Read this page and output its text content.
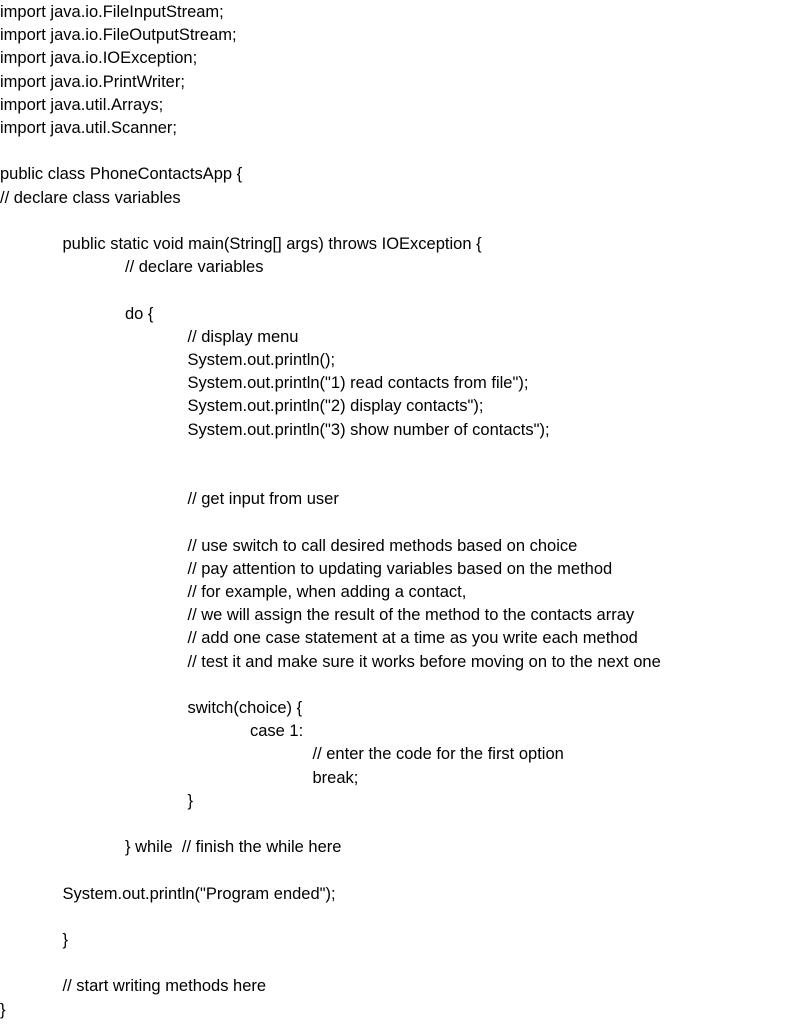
import java.io.FileInputStream;
import java.io.FileOutputStream;
import java.io.IOException;
import java.io.PrintWriter;
import java.util.Arrays;
import java.util.Scanner;
public class PhoneContactsApp {
// declare class variables
public static void main(String[] args) throws IOException {
// declare variables
do {
// display menu
System.out.println();
System.out.println("1) read contacts from file");
System.out.println("2) display contacts");
System.out.println("3) show number of contacts");
// get input from user
// use switch to call desired methods based on choice
// pay attention to updating variables based on the method
// for example, when adding a contact,
// we will assign the result of the method to the contacts array
// add one case statement at a time as you write each method
// test it and make sure it works before moving on to the next one
switch(choice) {
case 1:
// enter the code for the first option
break;
}
} while  // finish the while here
System.out.println("Program ended");
}
// start writing methods here
}
